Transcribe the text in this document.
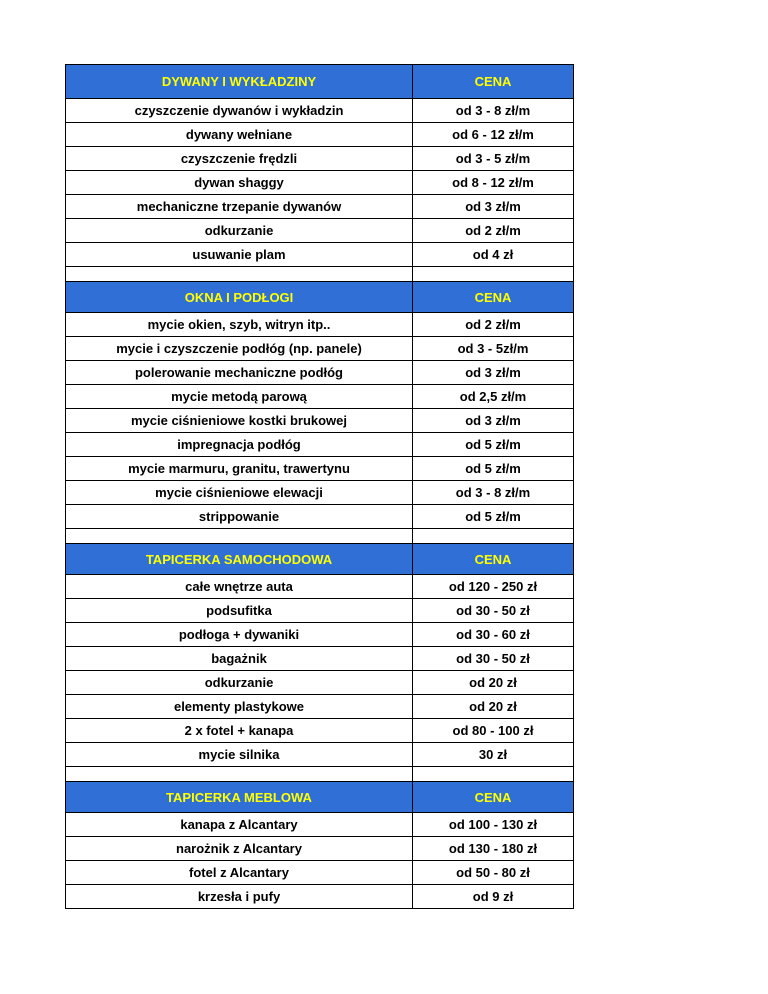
DYWANY I WYKŁADZINY	CENA
czyszczenie dywanów i wykładzin	od 3 - 8 zł/m
dywany wełniane	od 6 - 12 zł/m
czyszczenie frędzli	od 3 - 5 zł/m
dywan shaggy	od 8 - 12 zł/m
mechaniczne trzepanie dywanów	od 3 zł/m
odkurzanie	od 2 zł/m
usuwanie plam	od 4 zł

OKNA I PODŁOGI	CENA
mycie okien, szyb, witryn itp..	od 2 zł/m
mycie i czyszczenie podłóg (np. panele)	od 3 - 5zł/m
polerowanie mechaniczne podłóg	od 3 zł/m
mycie metodą parową	od 2,5 zł/m
mycie ciśnieniowe kostki brukowej	od 3 zł/m
impregnacja podłóg	od 5 zł/m
mycie marmuru, granitu, trawertynu	od 5 zł/m
mycie ciśnieniowe elewacji	od 3 - 8 zł/m
strippowanie	od 5 zł/m

TAPICERKA SAMOCHODOWA	CENA
całe wnętrze auta	od 120 - 250 zł
podsufitka	od 30 - 50 zł
podłoga + dywaniki	od 30 - 60 zł
bagażnik	od 30 - 50 zł
odkurzanie	od 20 zł
elementy plastykowe	od 20 zł
2 x fotel + kanapa	od 80 - 100 zł
mycie silnika	30 zł

TAPICERKA MEBLOWA	CENA
kanapa z Alcantary	od 100 - 130 zł
narożnik z Alcantary	od 130 - 180 zł
fotel z Alcantary	od 50 - 80 zł
krzesła i pufy	od 9 zł
